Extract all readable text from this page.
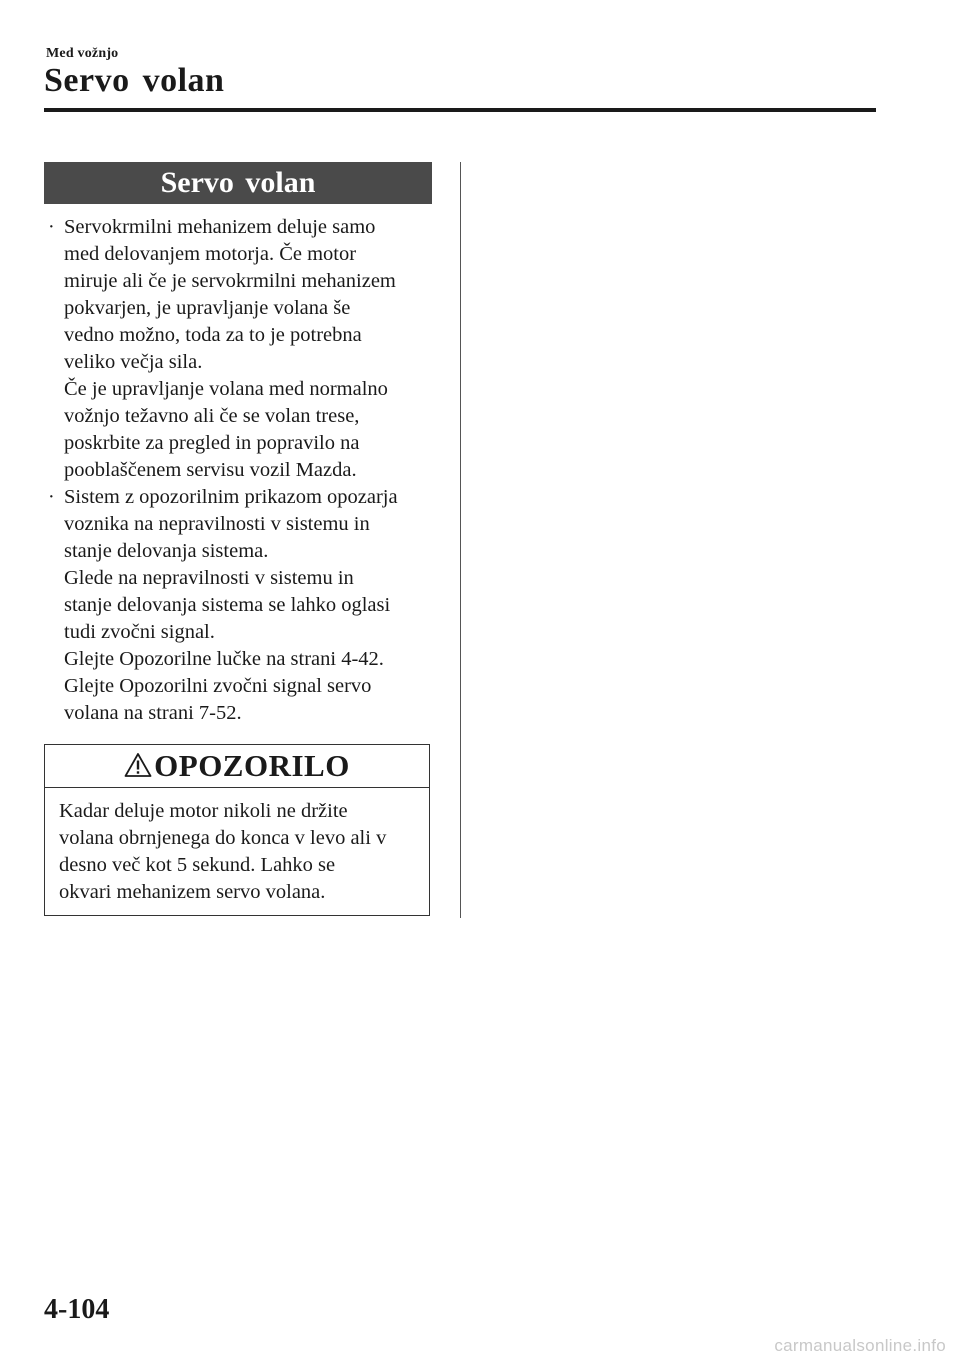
Med vožnjo
Servo volan
Servo volan
· Servokrmilni mehanizem deluje samo
med delovanjem motorja. Če motor
miruje ali če je servokrmilni mehanizem
pokvarjen, je upravljanje volana še
vedno možno, toda za to je potrebna
veliko večja sila.
Če je upravljanje volana med normalno
vožnjo težavno ali če se volan trese,
poskrbite za pregled in popravilo na
pooblaščenem servisu vozil Mazda.
· Sistem z opozorilnim prikazom opozarja
voznika na nepravilnosti v sistemu in
stanje delovanja sistema.
Glede na nepravilnosti v sistemu in
stanje delovanja sistema se lahko oglasi
tudi zvočni signal.
Glejte Opozorilne lučke na strani 4-42.
Glejte Opozorilni zvočni signal servo
volana na strani 7-52.
OPOZORILO
Kadar deluje motor nikoli ne držite
volana obrnjenega do konca v levo ali v
desno več kot 5 sekund. Lahko se
okvari mehanizem servo volana.
4-104
carmanualsonline.info
